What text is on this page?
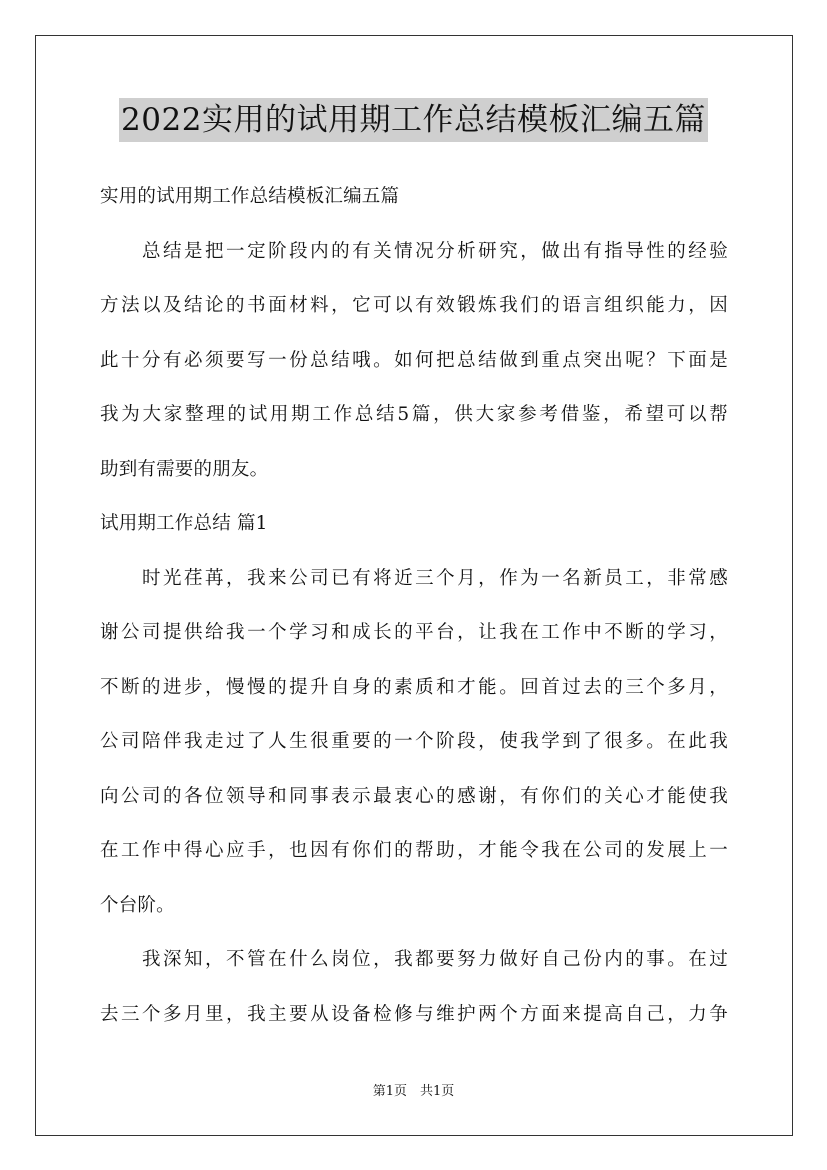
2022实用的试用期工作总结模板汇编五篇
实用的试用期工作总结模板汇编五篇
　　总结是把一定阶段内的有关情况分析研究，做出有指导性的经验
方法以及结论的书面材料，它可以有效锻炼我们的语言组织能力，因
此十分有必须要写一份总结哦。如何把总结做到重点突出呢？下面是
我为大家整理的试用期工作总结5篇，供大家参考借鉴，希望可以帮
助到有需要的朋友。
试用期工作总结 篇1
　　时光荏苒，我来公司已有将近三个月，作为一名新员工，非常感
谢公司提供给我一个学习和成长的平台，让我在工作中不断的学习，
不断的进步，慢慢的提升自身的素质和才能。回首过去的三个多月，
公司陪伴我走过了人生很重要的一个阶段，使我学到了很多。在此我
向公司的各位领导和同事表示最衷心的感谢，有你们的关心才能使我
在工作中得心应手，也因有你们的帮助，才能令我在公司的发展上一
个台阶。
　　我深知，不管在什么岗位，我都要努力做好自己份内的事。在过
去三个多月里，我主要从设备检修与维护两个方面来提高自己，力争
第1页　共1页
